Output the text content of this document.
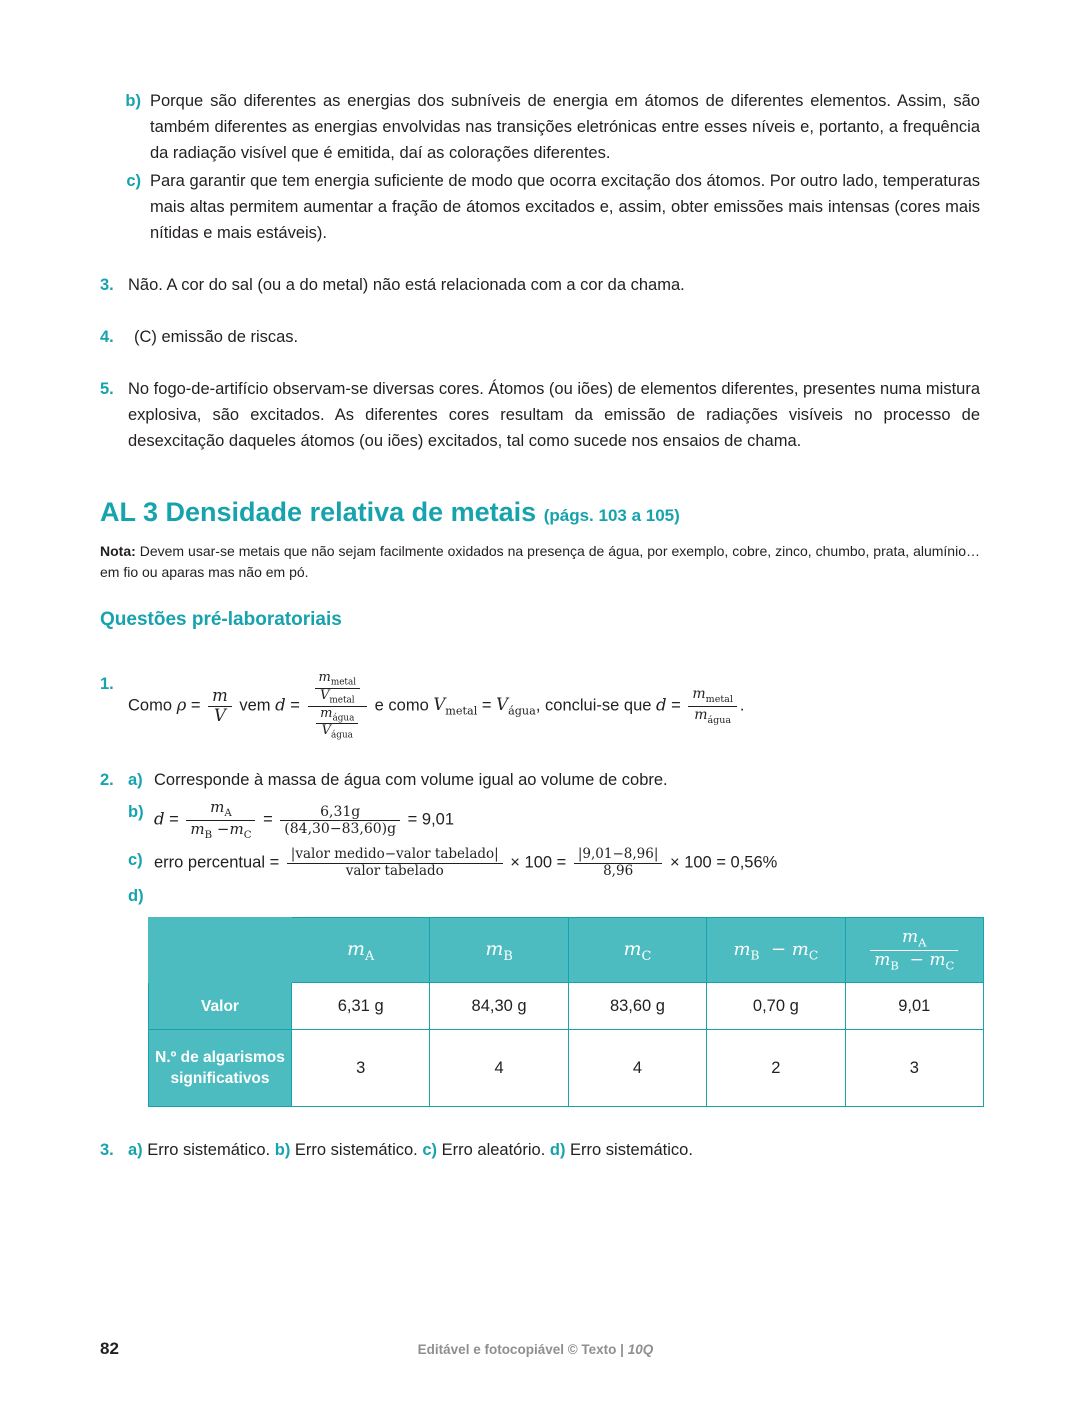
b) Porque são diferentes as energias dos subníveis de energia em átomos de diferentes elementos. Assim, são também diferentes as energias envolvidas nas transições eletrónicas entre esses níveis e, portanto, a frequência da radiação visível que é emitida, daí as colorações diferentes.
c) Para garantir que tem energia suficiente de modo que ocorra excitação dos átomos. Por outro lado, temperaturas mais altas permitem aumentar a fração de átomos excitados e, assim, obter emissões mais intensas (cores mais nítidas e mais estáveis).
3. Não. A cor do sal (ou a do metal) não está relacionada com a cor da chama.
4.	(C) emissão de riscas.
5. No fogo-de-artifício observam-se diversas cores. Átomos (ou iões) de elementos diferentes, presentes numa mistura explosiva, são excitados. As diferentes cores resultam da emissão de radiações visíveis no processo de desexcitação daqueles átomos (ou iões) excitados, tal como sucede nos ensaios de chama.
AL 3 Densidade relativa de metais (págs. 103 a 105)
Nota: Devem usar-se metais que não sejam facilmente oxidados na presença de água, por exemplo, cobre, zinco, chumbo, prata, alumínio… em fio ou aparas mas não em pó.
Questões pré-laboratoriais
1.
Como $\rho = \frac{m}{V}$ vem $d = \frac{\frac{m_{metal}}{V_{metal}}}{\frac{m_{água}}{V_{água}}}$ e como $V_{metal} = V_{água}$, conclui-se que $d = \frac{m_{metal}}{m_{água}}$ .
2. a) Corresponde à massa de água com volume igual ao volume de cobre.
b) $d = \frac{m_A}{m_B -m_C} = \frac{6,31g}{(84,30-83,60)g} = 9,01$
c) erro percentual = $\frac{\text{|valor medido−valor tabelado|}}{\text{valor tabelado}} \times 100 = \frac{|9,01-8,96|}{8,96} \times 100 = 0,56\%$
d)
	$m_A$	$m_B$	$m_C$	$m_B - m_C$	$\frac{m_A}{m_B - m_C}$

Valor	6,31 g	84,30 g	83,60 g	0,70 g	9,01
N.º de algarismos significativos	3	4	4	2	3
3. a) Erro sistemático. b) Erro sistemático. c) Erro aleatório. d) Erro sistemático.
82	Editável e fotocopiável © Texto | 10Q
